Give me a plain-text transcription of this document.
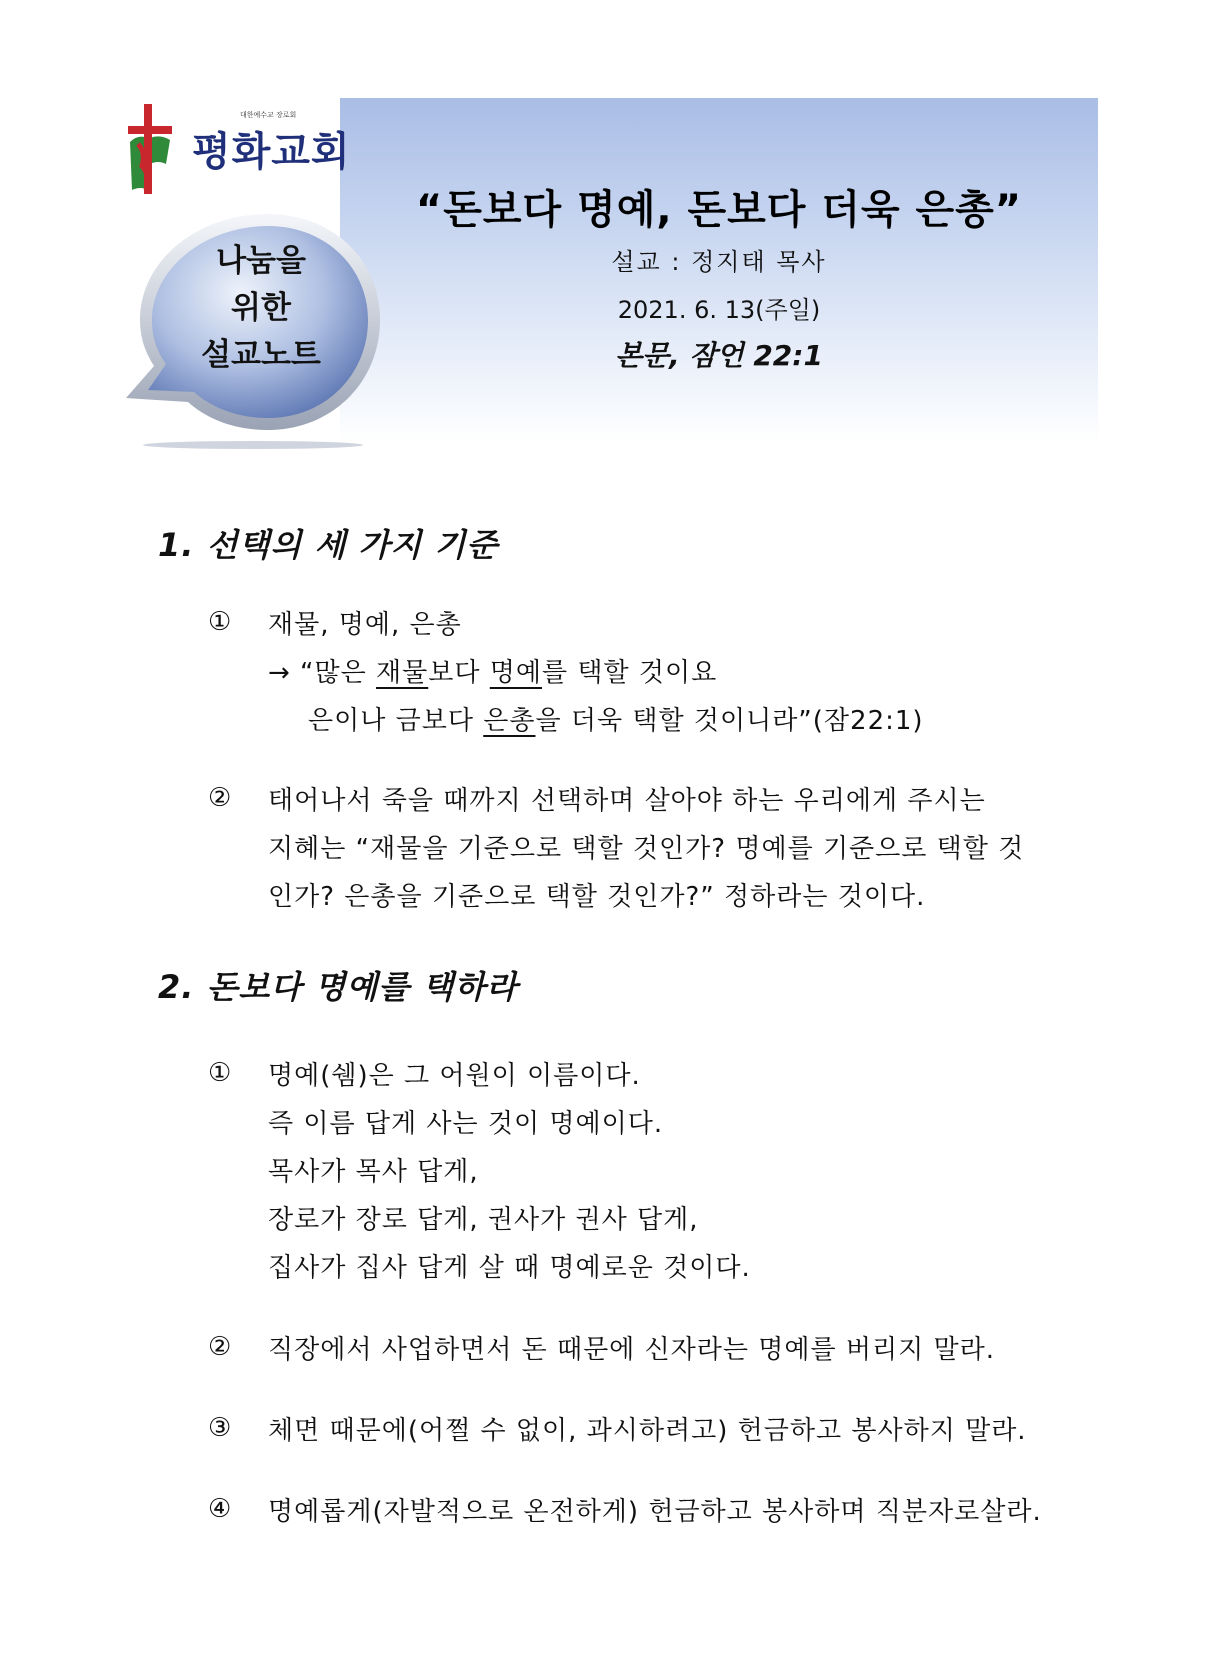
대한예수교 장로회
평화교회
나눔을
위한
설교노트
“돈보다 명예, 돈보다 더욱 은총”
설교 : 정지태 목사
2021. 6. 13(주일)
본문, 잠언 22:1
1. 선택의 세 가지 기준
① 재물, 명예, 은총
→ “많은 재물보다 명예를 택할 것이요
은이나 금보다 은총을 더욱 택할 것이니라”(잠22:1)
② 태어나서 죽을 때까지 선택하며 살아야 하는 우리에게 주시는
지혜는 “재물을 기준으로 택할 것인가? 명예를 기준으로 택할 것
인가? 은총을 기준으로 택할 것인가?” 정하라는 것이다.
2. 돈보다 명예를 택하라
① 명예(쉠)은 그 어원이 이름이다.
즉 이름 답게 사는 것이 명예이다.
목사가 목사 답게,
장로가 장로 답게, 권사가 권사 답게,
집사가 집사 답게 살 때 명예로운 것이다.
② 직장에서 사업하면서 돈 때문에 신자라는 명예를 버리지 말라.
③ 체면 때문에(어쩔 수 없이, 과시하려고) 헌금하고 봉사하지 말라.
④ 명예롭게(자발적으로 온전하게) 헌금하고 봉사하며 직분자로살라.
